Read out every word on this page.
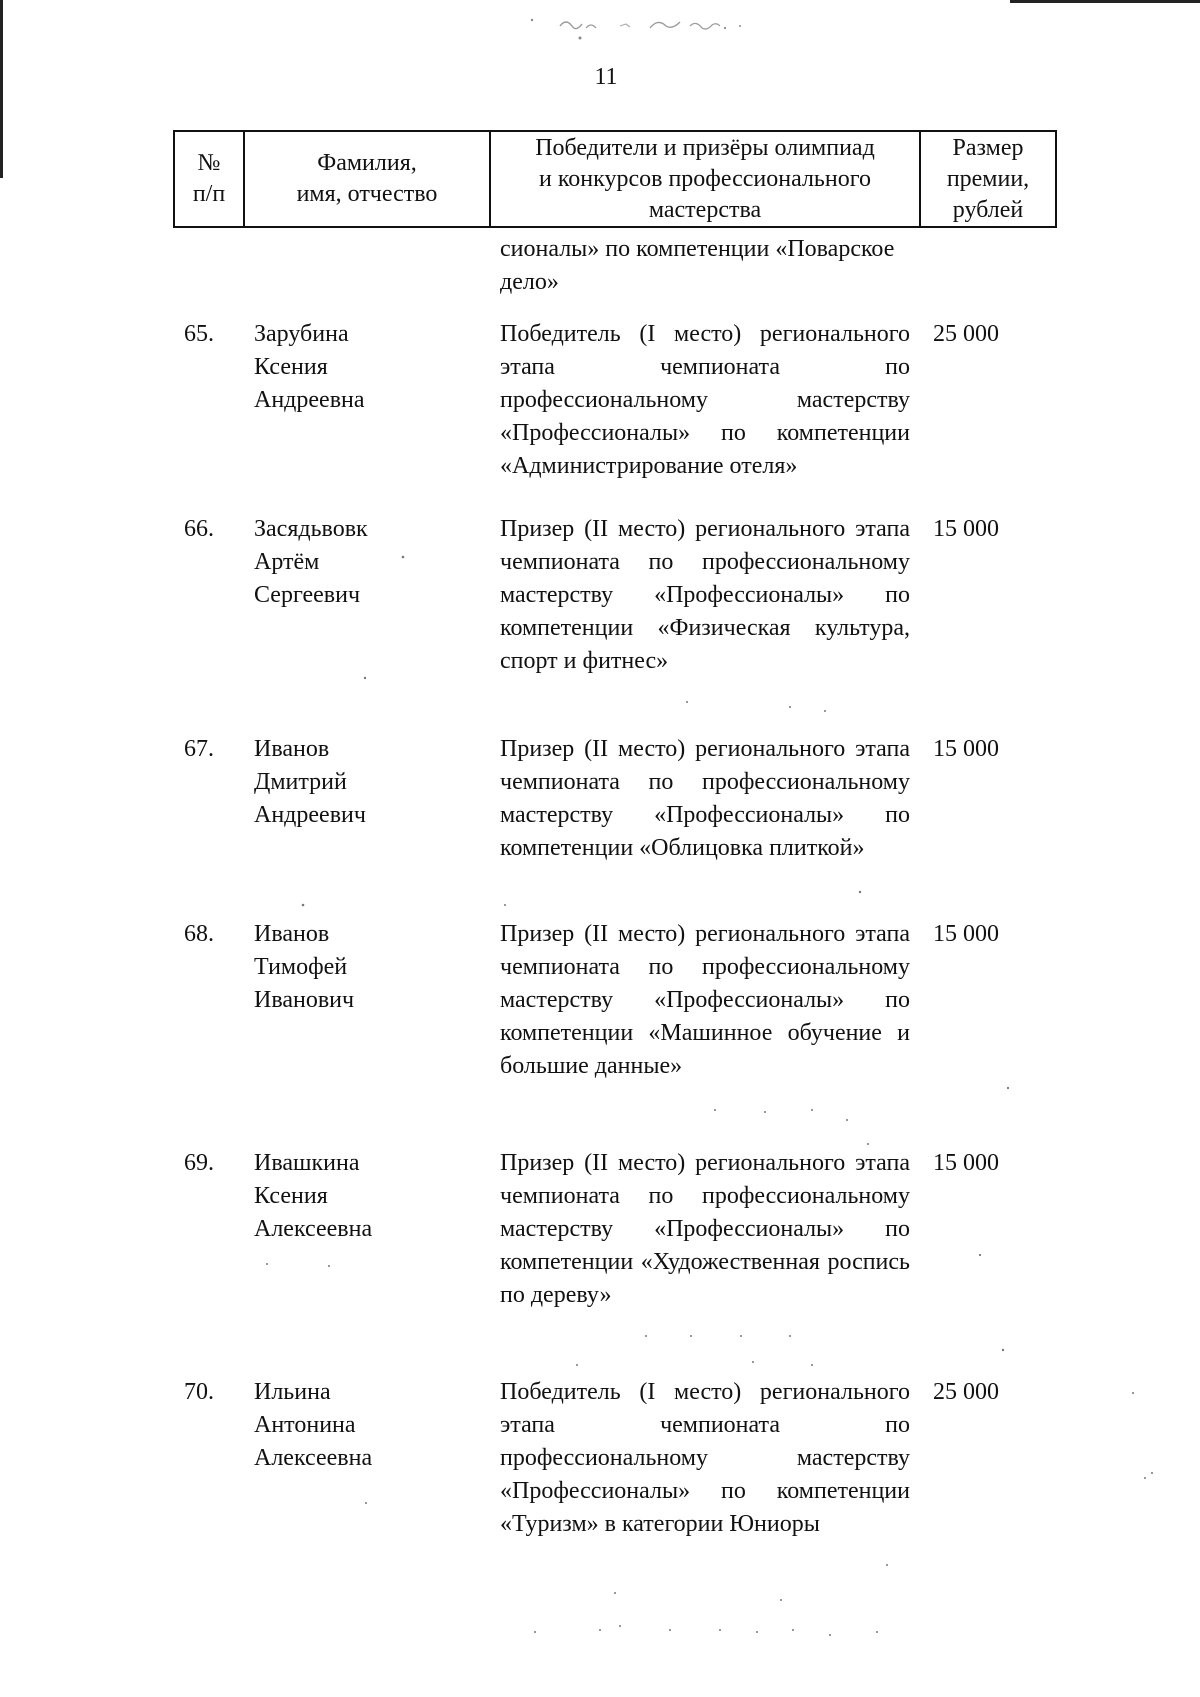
11
№
п/п
Фамилия,
имя, отчество
Победители и призёры олимпиад
и конкурсов профессионального
мастерства
Размер
премии,
рублей
сионалы» по компетенции «Поварское дело»
65. Зарубина
Ксения
Андреевна
Победитель (I место) регионального этапа чемпионата по профессиональному мастерству «Профессионалы» по компетенции «Администрирование отеля»
25 000
66. Засядьвовк
Артём
Сергеевич
Призер (II место) регионального этапа чемпионата по профессиональному мастерству «Профессионалы» по компетенции «Физическая культура, спорт и фитнес»
15 000
67. Иванов
Дмитрий
Андреевич
Призер (II место) регионального этапа чемпионата по профессиональному мастерству «Профессионалы» по компетенции «Облицовка плиткой»
15 000
68. Иванов
Тимофей
Иванович
Призер (II место) регионального этапа чемпионата по профессиональному мастерству «Профессионалы» по компетенции «Машинное обучение и большие данные»
15 000
69. Ивашкина
Ксения
Алексеевна
Призер (II место) регионального этапа чемпионата по профессиональному мастерству «Профессионалы» по компетенции «Художественная роспись по дереву»
15 000
70. Ильина
Антонина
Алексеевна
Победитель (I место) регионального этапа чемпионата по профессиональному мастерству «Профессионалы» по компетенции «Туризм» в категории Юниоры
25 000
